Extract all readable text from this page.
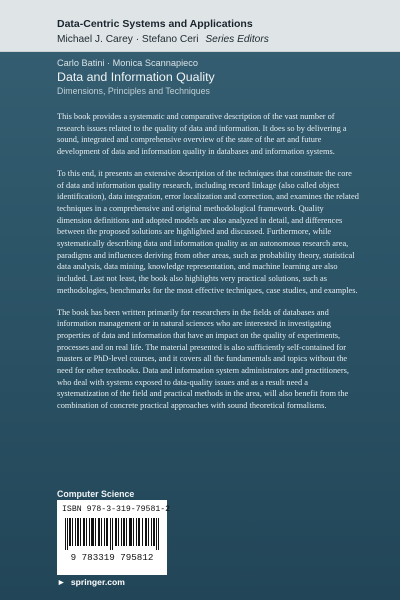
Data-Centric Systems and Applications
Michael J. Carey · Stefano Ceri Series Editors
Carlo Batini · Monica Scannapieco
Data and Information Quality
Dimensions, Principles and Techniques

This book provides a systematic and comparative description of the vast number of research issues related to the quality of data and information. It does so by delivering a sound, integrated and comprehensive overview of the state of the art and future development of data and information quality in databases and information systems.

To this end, it presents an extensive description of the techniques that constitute the core of data and information quality research, including record linkage (also called object identification), data integration, error localization and correction, and examines the related techniques in a comprehensive and original methodological framework. Quality dimension definitions and adopted models are also analyzed in detail, and differences between the proposed solutions are highlighted and discussed. Furthermore, while systematically describing data and information quality as an autonomous research area, paradigms and influences deriving from other areas, such as probability theory, statistical data analysis, data mining, knowledge representation, and machine learning are also included. Last not least, the book also highlights very practical solutions, such as methodologies, benchmarks for the most effective techniques, case studies, and examples.

The book has been written primarily for researchers in the fields of databases and information management or in natural sciences who are interested in investigating properties of data and information that have an impact on the quality of experiments, processes and on real life. The material presented is also sufficiently self-contained for masters or PhD-level courses, and it covers all the fundamentals and topics without the need for other textbooks. Data and information system administrators and practitioners, who deal with systems exposed to data-quality issues and as a result need a systematization of the field and practical methods in the area, will also benefit from the combination of concrete practical approaches with sound theoretical formalisms.

Computer Science
ISBN 978-3-319-79581-2
9 783319 795812
► springer.com
